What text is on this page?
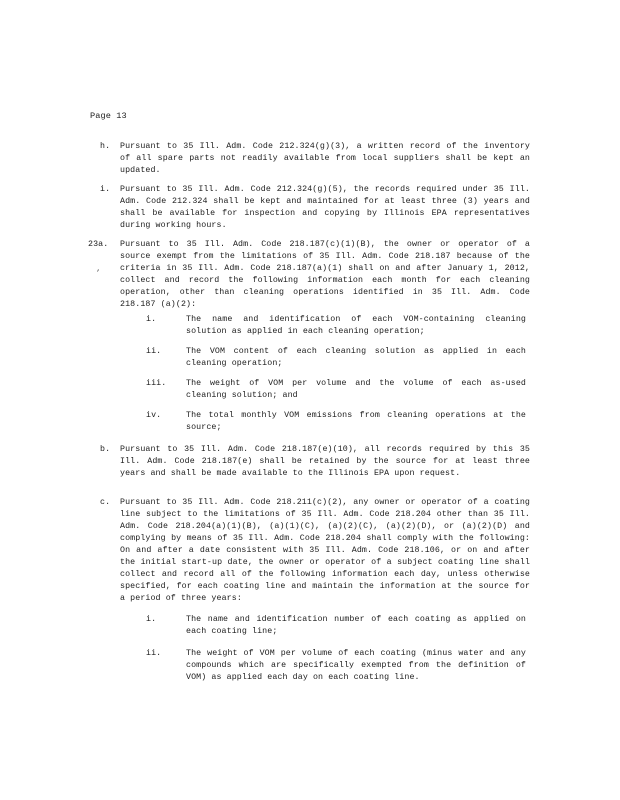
Page 13
h.	Pursuant to 35 Ill. Adm. Code 212.324(g)(3), a written record of the inventory of all spare parts not readily available from local suppliers shall be kept an updated.
i.	Pursuant to 35 Ill. Adm. Code 212.324(g)(5), the records required under 35 Ill. Adm. Code 212.324 shall be kept and maintained for at least three (3) years and shall be available for inspection and copying by Illinois EPA representatives during working hours.
23a.	Pursuant to 35 Ill. Adm. Code 218.187(c)(1)(B), the owner or operator of a source exempt from the limitations of 35 Ill. Adm. Code 218.187 because of the criteria in 35 Ill. Adm. Code 218.187(a)(1) shall on and after January 1, 2012, collect and record the following information each month for each cleaning operation, other than cleaning operations identified in 35 Ill. Adm. Code 218.187 (a)(2):
’
i.	The name and identification of each VOM-containing cleaning solution as applied in each cleaning operation;
ii.	The VOM content of each cleaning solution as applied in each cleaning operation;
iii.	The weight of VOM per volume and the volume of each as-used cleaning solution; and
iv.	The total monthly VOM emissions from cleaning operations at the source;
b.	Pursuant to 35 Ill. Adm. Code 218.187(e)(10), all records required by this 35 Ill. Adm. Code 218.187(e) shall be retained by the source for at least three years and shall be made available to the Illinois EPA upon request.
c.	Pursuant to 35 Ill. Adm. Code 218.211(c)(2), any owner or operator of a coating line subject to the limitations of 35 Ill. Adm. Code 218.204 other than 35 Ill. Adm. Code 218.204(a)(1)(B), (a)(1)(C), (a)(2)(C), (a)(2)(D), or (a)(2)(D) and complying by means of 35 Ill. Adm. Code 218.204 shall comply with the following: On and after a date consistent with 35 Ill. Adm. Code 218.106, or on and after the initial start-up date, the owner or operator of a subject coating line shall collect and record all of the following information each day, unless otherwise specified, for each coating line and maintain the information at the source for a period of three years:
i.	The name and identification number of each coating as applied on each coating line;
ii.	The weight of VOM per volume of each coating (minus water and any compounds which are specifically exempted from the definition of VOM) as applied each day on each coating line.
